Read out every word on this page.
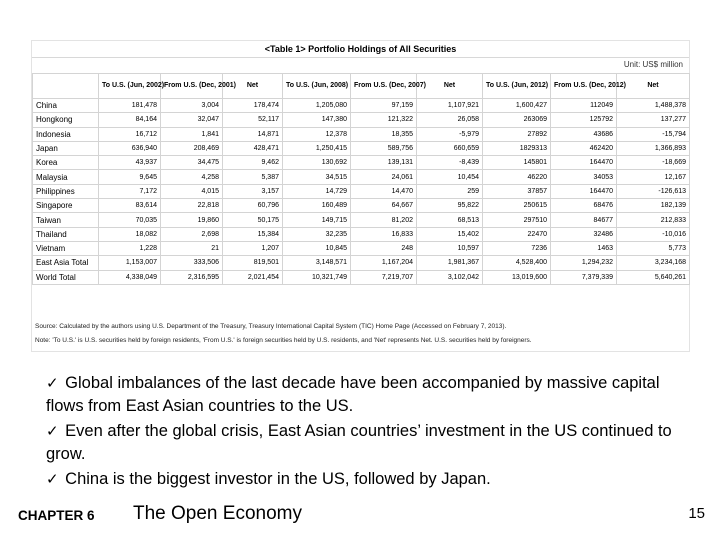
<Table 1> Portfolio Holdings of All Securities
Unit: US$ million
	To U.S. (Jun, 2002)	From U.S. (Dec, 2001)	Net	To U.S. (Jun, 2008)	From U.S. (Dec, 2007)	Net	To U.S. (Jun, 2012)	From U.S. (Dec, 2012)	Net
China	181,478	3,004	178,474	1,205,080	97,159	1,107,921	1,600,427	112049	1,488,378
Hongkong	84,164	32,047	52,117	147,380	121,322	26,058	263069	125792	137,277
Indonesia	16,712	1,841	14,871	12,378	18,355	-5,979	27892	43686	-15,794
Japan	636,940	208,469	428,471	1,250,415	589,756	660,659	1829313	462420	1,366,893
Korea	43,937	34,475	9,462	130,692	139,131	-8,439	145801	164470	-18,669
Malaysia	9,645	4,258	5,387	34,515	24,061	10,454	46220	34053	12,167
Philippines	7,172	4,015	3,157	14,729	14,470	259	37857	164470	-126,613
Singapore	83,614	22,818	60,796	160,489	64,667	95,822	250615	68476	182,139
Taiwan	70,035	19,860	50,175	149,715	81,202	68,513	297510	84677	212,833
Thailand	18,082	2,698	15,384	32,235	16,833	15,402	22470	32486	-10,016
Vietnam	1,228	21	1,207	10,845	248	10,597	7236	1463	5,773
East Asia Total	1,153,007	333,506	819,501	3,148,571	1,167,204	1,981,367	4,528,400	1,294,232	3,234,168
World Total	4,338,049	2,316,595	2,021,454	10,321,749	7,219,707	3,102,042	13,019,600	7,379,339	5,640,261
Source: Calculated by the authors using U.S. Department of the Treasury, Treasury International Capital System (TIC) Home Page (Accessed on February 7, 2013).
Note: 'To U.S.' is U.S. securities held by foreign residents, 'From U.S.' is foreign securities held by U.S. residents, and 'Net' represents Net. U.S. securities held by foreigners.
✓ Global imbalances of the last decade have been accompanied by massive capital flows from East Asian countries to the US.
✓ Even after the global crisis, East Asian countries’ investment in the US continued to grow.
✓ China is the biggest investor in the US, followed by Japan.
CHAPTER 6 The Open Economy	15
